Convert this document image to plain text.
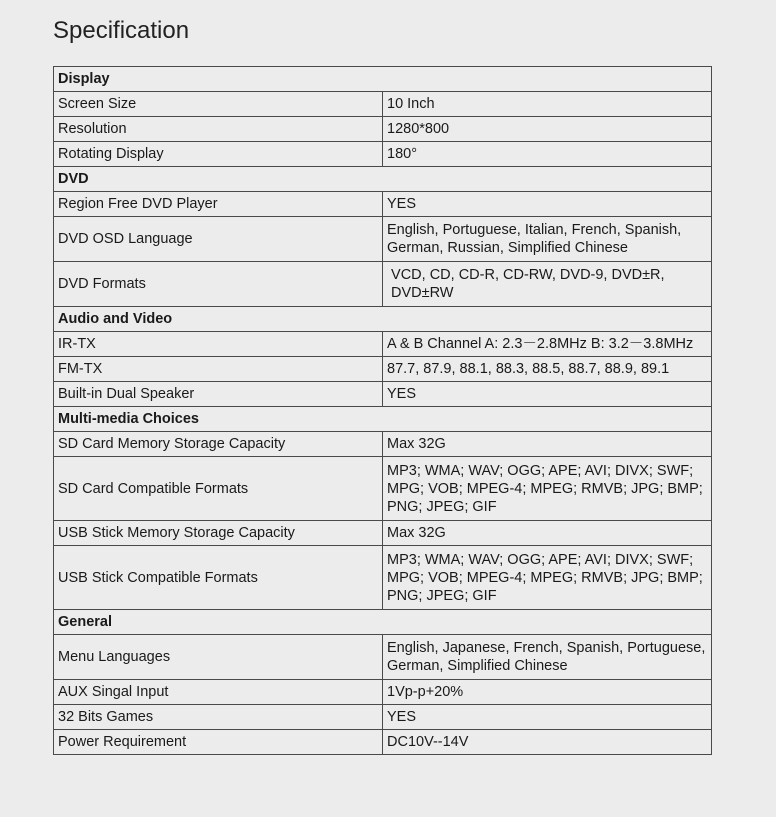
Specification
Display	
Screen Size	10 Inch
Resolution	1280*800
Rotating Display	180°
DVD	
Region Free DVD Player	YES
DVD OSD Language	English, Portuguese, Italian, French, Spanish,
German, Russian, Simplified Chinese
DVD Formats	VCD, CD, CD-R, CD-RW, DVD-9, DVD±R,
DVD±RW
Audio and Video	
IR-TX	A & B Channel A: 2.3－2.8MHz B: 3.2－3.8MHz
FM-TX	87.7, 87.9, 88.1, 88.3, 88.5, 88.7, 88.9, 89.1
Built-in Dual Speaker	YES
Multi-media Choices	
SD Card Memory Storage Capacity	Max 32G
SD Card Compatible Formats	MP3; WMA; WAV; OGG; APE; AVI; DIVX; SWF;
MPG; VOB; MPEG-4; MPEG; RMVB; JPG; BMP;
PNG; JPEG; GIF
USB Stick Memory Storage Capacity	Max 32G
USB Stick Compatible Formats	MP3; WMA; WAV; OGG; APE; AVI; DIVX; SWF;
MPG; VOB; MPEG-4; MPEG; RMVB; JPG; BMP;
PNG; JPEG; GIF
General	
Menu Languages	English, Japanese, French, Spanish, Portuguese,
German, Simplified Chinese
AUX Singal Input	1Vp-p+20%
32 Bits Games	YES
Power Requirement	DC10V--14V
